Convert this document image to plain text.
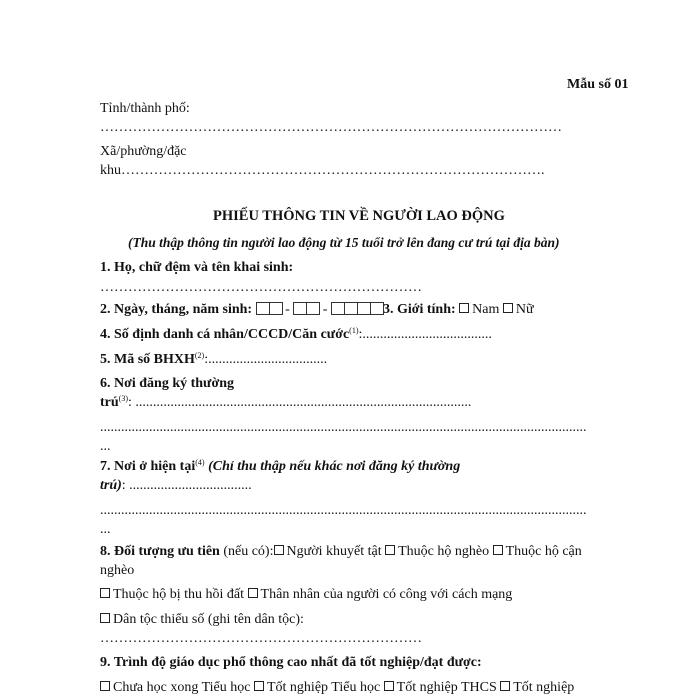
Mẫu số 01
Tỉnh/thành phố:
………………………………………………………………………………………
Xã/phường/đặc
khu……………………………………………………………………………….
PHIẾU THÔNG TIN VỀ NGƯỜI LAO ĐỘNG
(Thu thập thông tin người lao động từ 15 tuổi trở lên đang cư trú tại địa bàn)
1. Họ, chữ đệm và tên khai sinh:
……………………………………………………………
2. Ngày, tháng, năm sinh: - -	3. Giới tính: Nam Nữ
4. Số định danh cá nhân/CCCD/Căn cước$^{(1)}$:.....................................
5. Mã số BHXH$^{(2)}$:..................................
6. Nơi đăng ký thường
trú$^{(3)}$: ................................................................................................
...........................................................................................................................................
...
7. Nơi ở hiện tại$^{(4)}$ (Chỉ thu thập nếu khác nơi đăng ký thường
trú): ...................................
...........................................................................................................................................
...
8. Đối tượng ưu tiên (nếu có): Người khuyết tật Thuộc hộ nghèo Thuộc hộ cận
nghèo
Thuộc hộ bị thu hồi đất Thân nhân của người có công với cách mạng
Dân tộc thiểu số (ghi tên dân tộc):
……………………………………………………………
9. Trình độ giáo dục phổ thông cao nhất đã tốt nghiệp/đạt được:
Chưa học xong Tiểu học Tốt nghiệp Tiểu học Tốt nghiệp THCS Tốt nghiệp
